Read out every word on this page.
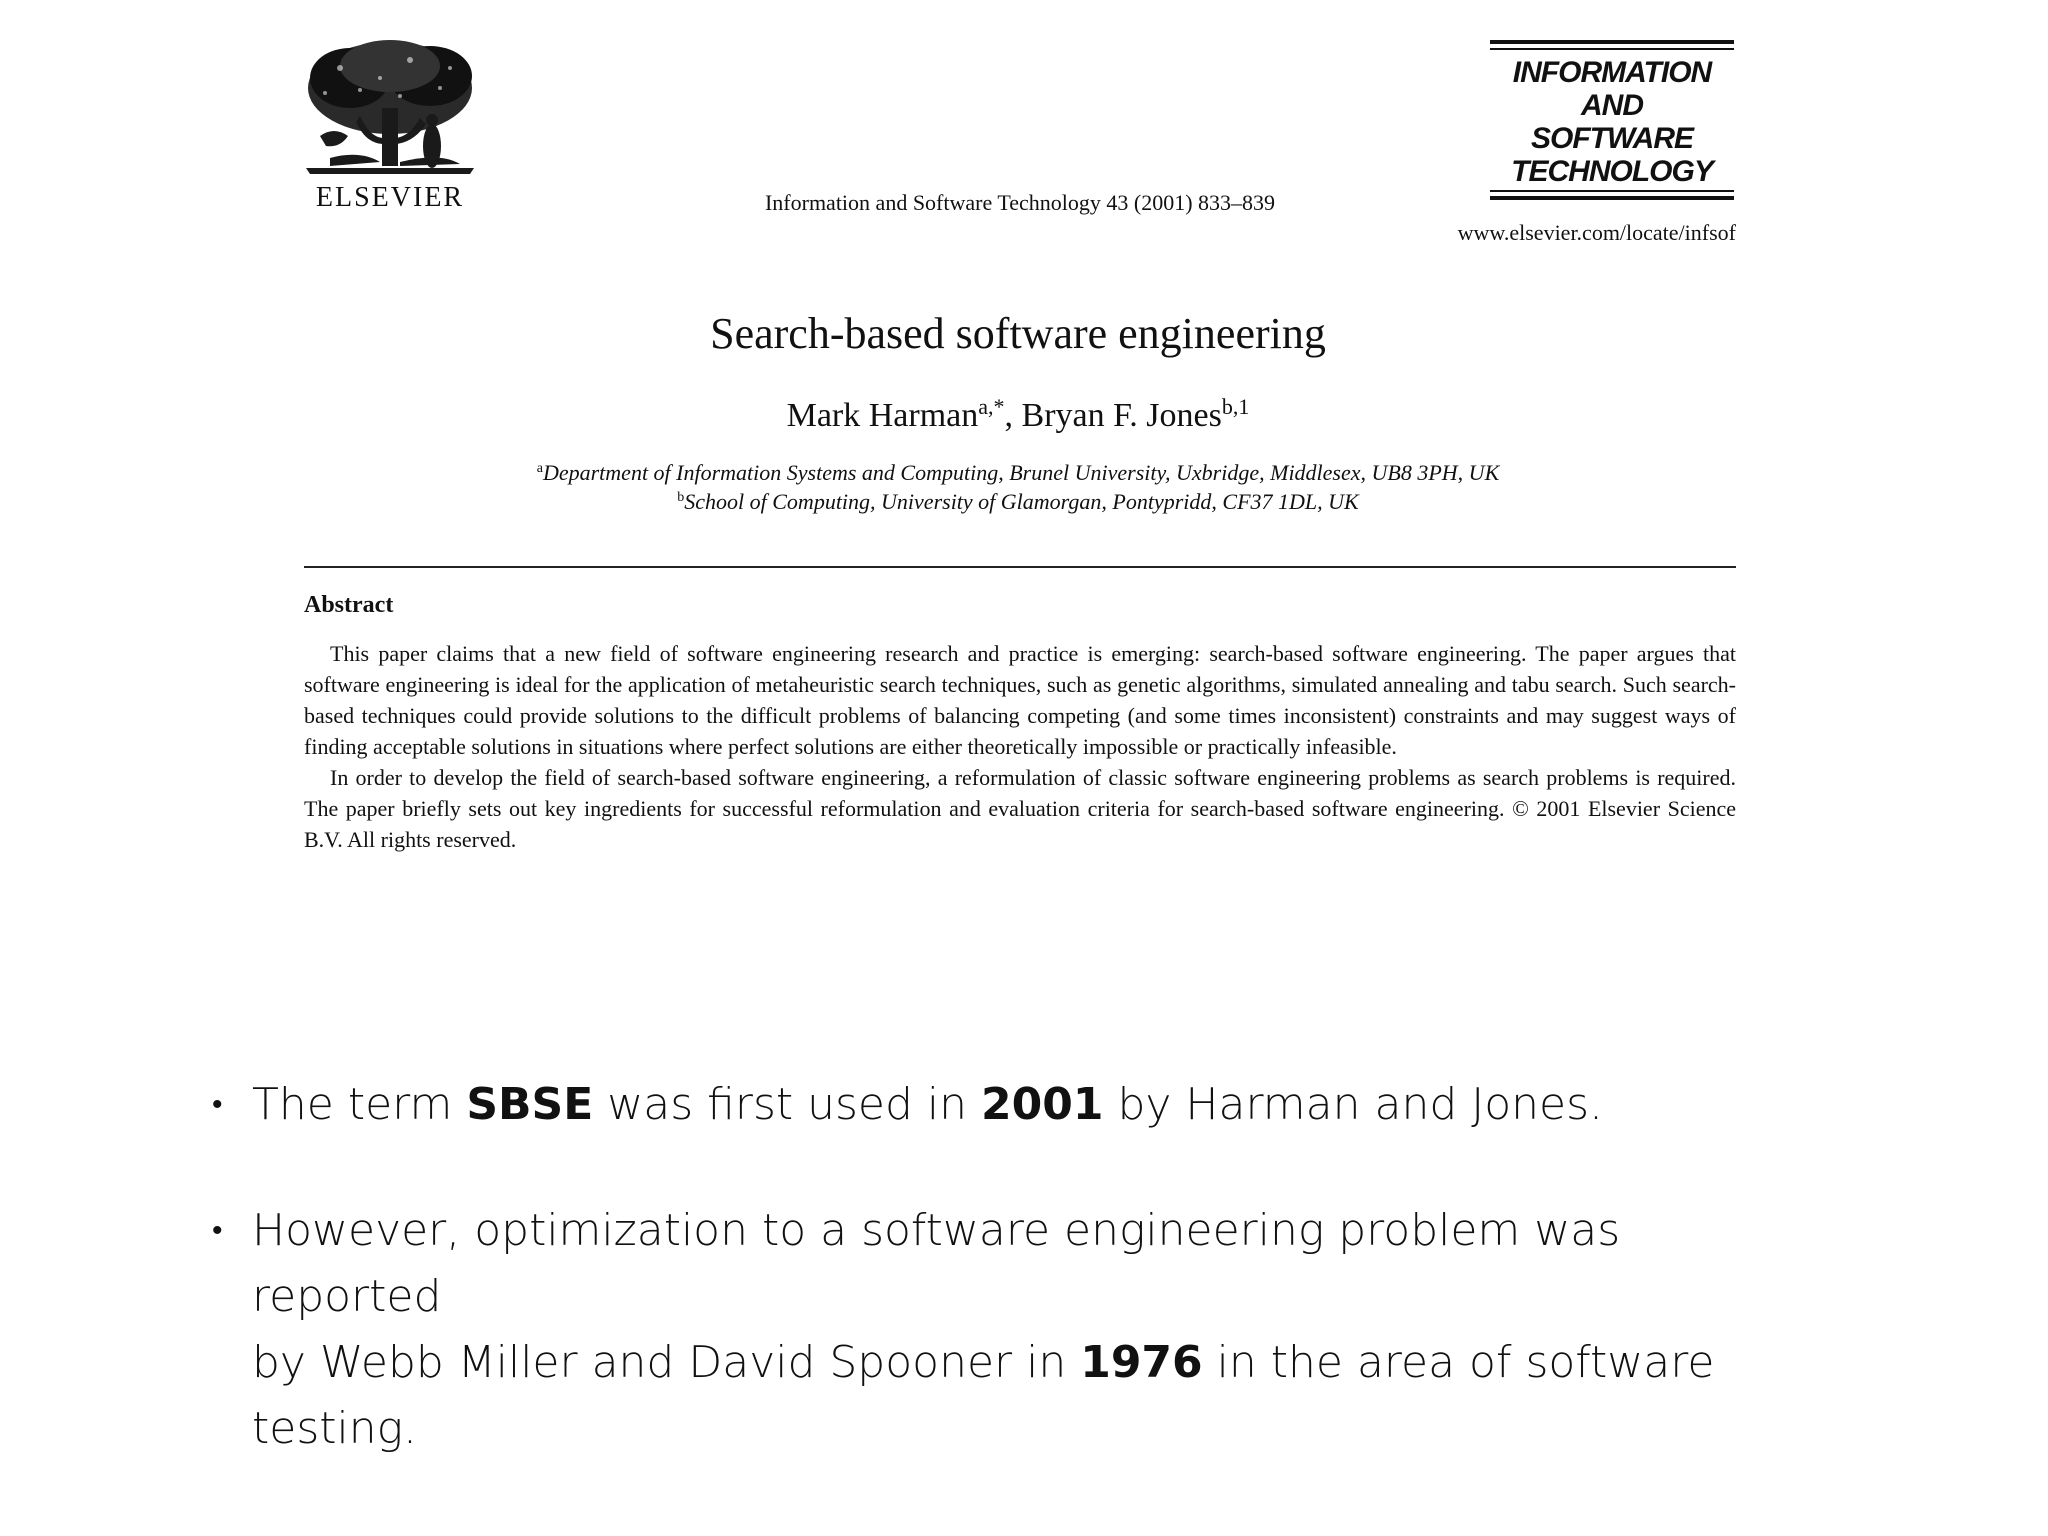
ELSEVIER	Information and Software Technology 43 (2001) 833–839
INFORMATION
AND
SOFTWARE
TECHNOLOGY
www.elsevier.com/locate/infsof
Search-based software engineering
Mark Harman$^{a,*}$, Bryan F. Jones$^{b,1}$
$^a$Department of Information Systems and Computing, Brunel University, Uxbridge, Middlesex, UB8 3PH, UK
$^b$School of Computing, University of Glamorgan, Pontypridd, CF37 1DL, UK
Abstract

This paper claims that a new field of software engineering research and practice is emerging: search-based software engineering. The paper argues that software engineering is ideal for the application of metaheuristic search techniques, such as genetic algorithms, simulated annealing and tabu search. Such search-based techniques could provide solutions to the difficult problems of balancing competing (and some times inconsistent) constraints and may suggest ways of finding acceptable solutions in situations where perfect solutions are either theoretically impossible or practically infeasible.

In order to develop the field of search-based software engineering, a reformulation of classic software engineering problems as search problems is required. The paper briefly sets out key ingredients for successful reformulation and evaluation criteria for search-based software engineering. © 2001 Elsevier Science B.V. All rights reserved.

• The term SBSE was first used in 2001 by Harman and Jones.
• However, optimization to a software engineering problem was reported
by Webb Miller and David Spooner in 1976 in the area of software testing.
